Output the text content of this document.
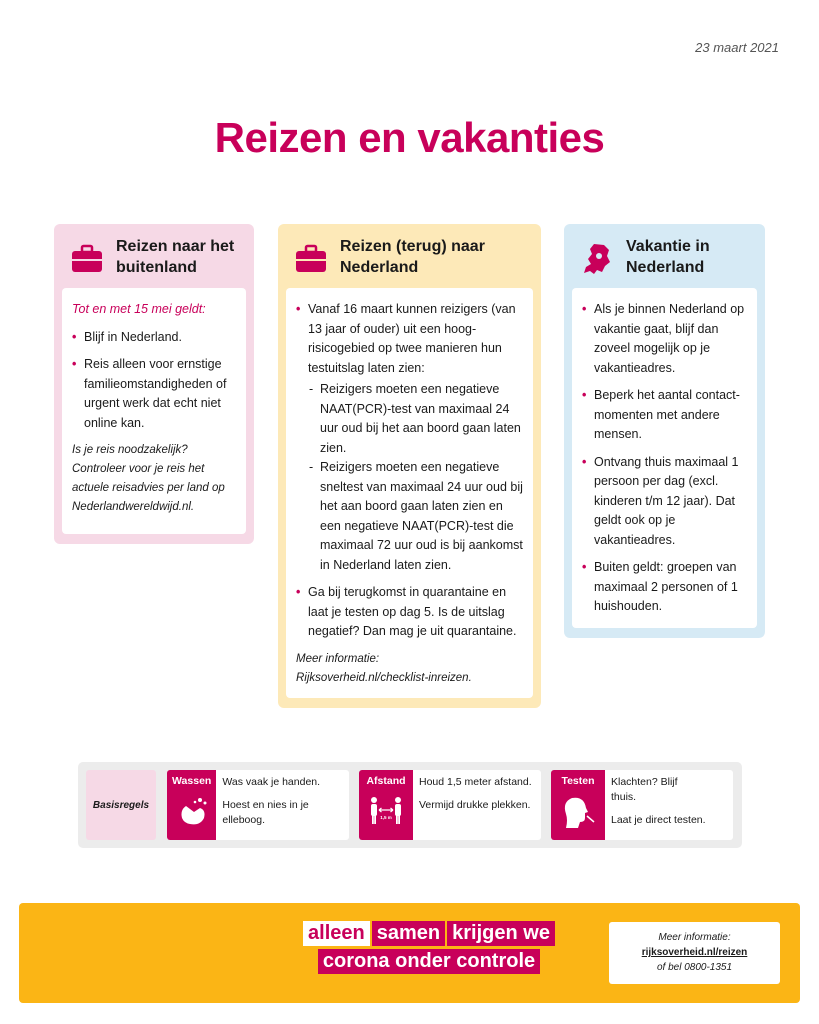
23 maart 2021
Reizen en vakanties
Reizen naar het
buitenland

Tot en met 15 mei geldt:

• Blijf in Nederland.
• Reis alleen voor ernstige familieomstandigheden of urgent werk dat echt niet online kan.

Is je reis noodzakelijk? Controleer voor je reis het actuele reisadvies per land op Nederlandwereldwijd.nl.

Reizen (terug) naar
Nederland
• Vanaf 16 maart kunnen reizigers (van 13 jaar of ouder) uit een hoog-risicogebied op twee manieren hun testuitslag laten zien:
- Reizigers moeten een negatieve NAAT(PCR)-test van maximaal 24 uur oud bij het aan boord gaan laten zien.
- Reizigers moeten een negatieve sneltest van maximaal 24 uur oud bij het aan boord gaan laten zien en een negatieve NAAT(PCR)-test die maximaal 72 uur oud is bij aankomst in Nederland laten zien.
• Ga bij terugkomst in quarantaine en laat je testen op dag 5. Is de uitslag negatief? Dan mag je uit quarantaine.

Meer informatie:
Rijksoverheid.nl/checklist-inreizen.

Vakantie in
Nederland
• Als je binnen Nederland op vakantie gaat, blijf dan zoveel mogelijk op je vakantieadres.
• Beperk het aantal contact-momenten met andere mensen.
• Ontvang thuis maximaal 1 persoon per dag (excl. kinderen t/m 12 jaar). Dat geldt ook op je vakantieadres.
• Buiten geldt: groepen van maximaal 2 personen of 1 huishouden.
Basisregels
Wassen	Was vaak je handen.

Hoest en nies in je elleboog.

Afstand
1,5 m

Houd 1,5 meter afstand.

Vermijd drukke plekken.

Testen	Klachten? Blijf thuis.

Laat je direct testen.

alleen samen krijgen we
corona onder controle
Meer informatie:
rijksoverheid.nl/reizen
of bel 0800-1351
